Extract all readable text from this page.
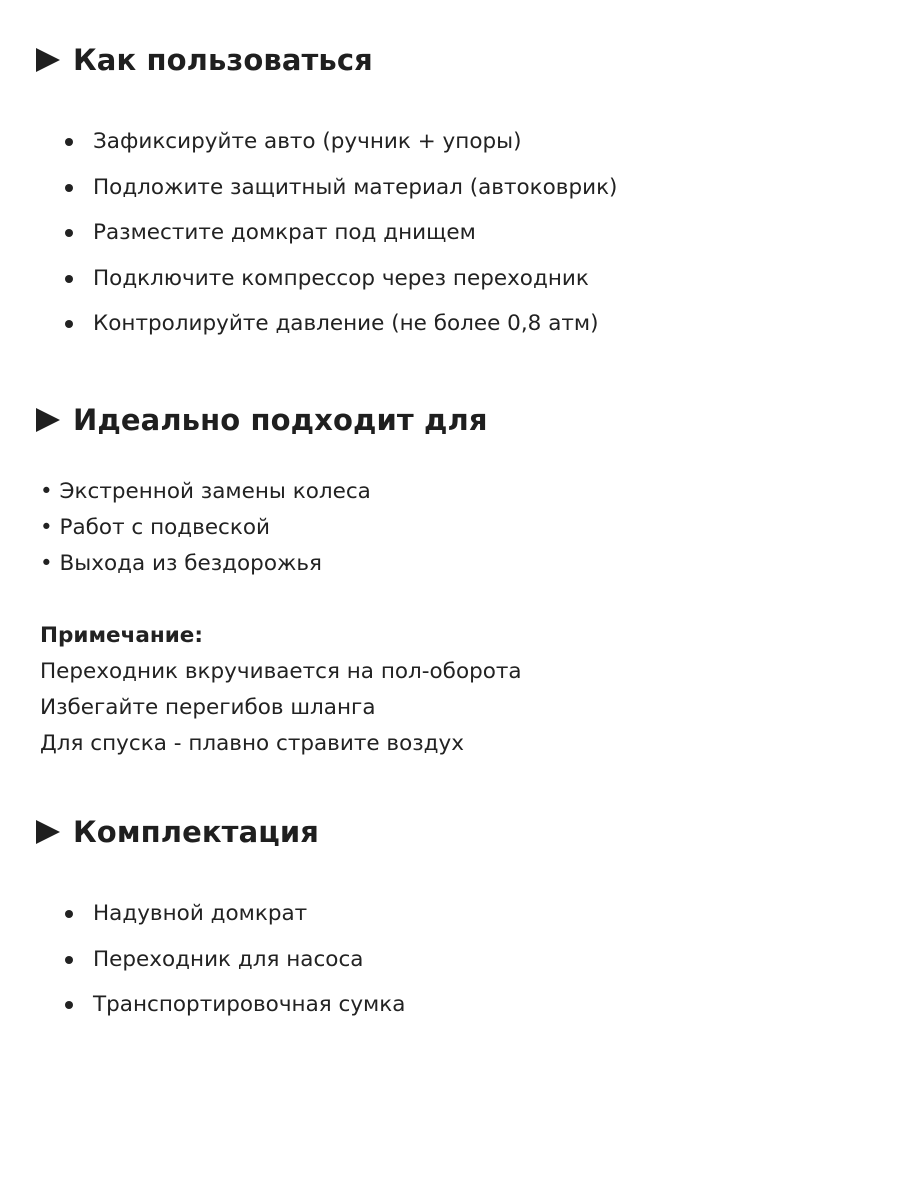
Как пользоваться
Зафиксируйте авто (ручник + упоры)
Подложите защитный материал (автоковрик)
Разместите домкрат под днищем
Подключите компрессор через переходник
Контролируйте давление (не более 0,8 атм)
Идеально подходит для
• Экстренной замены колеса
• Работ с подвеской
• Выхода из бездорожья
Примечание:
Переходник вкручивается на пол-оборота
Избегайте перегибов шланга
Для спуска - плавно стравите воздух
Комплектация
Надувной домкрат
Переходник для насоса
Транспортировочная сумка
